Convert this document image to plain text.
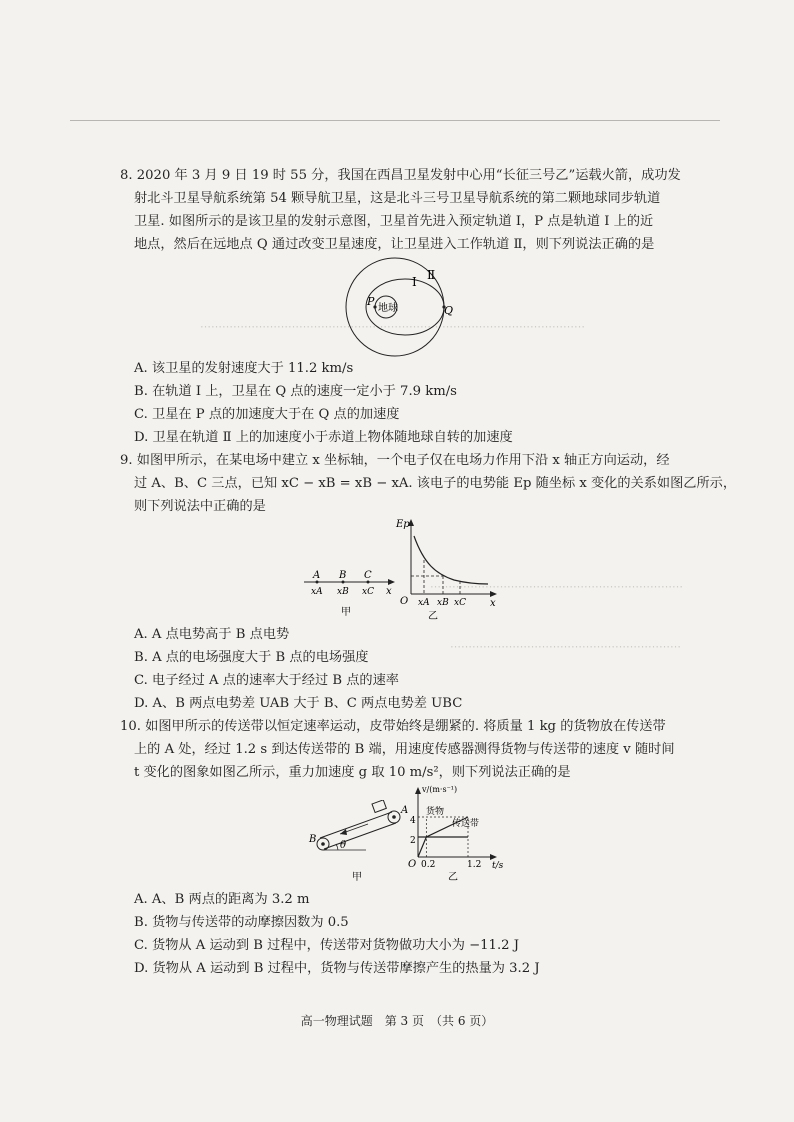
⋯⋯⋯⋯⋯⋯⋯⋯⋯⋯⋯⋯⋯⋯⋯⋯⋯⋯⋯⋯⋯⋯⋯⋯⋯⋯⋯⋯⋯⋯⋯⋯⋯⋯⋯
⋯⋯⋯⋯⋯⋯⋯⋯⋯⋯⋯⋯⋯⋯⋯⋯⋯⋯⋯⋯⋯⋯⋯
⋯⋯⋯⋯⋯⋯⋯⋯⋯⋯⋯⋯⋯⋯⋯⋯⋯⋯⋯⋯⋯
8. 2020 年 3 月 9 日 19 时 55 分，我国在西昌卫星发射中心用“长征三号乙”运载火箭，成功发
射北斗卫星导航系统第 54 颗导航卫星，这是北斗三号卫星导航系统的第二颗地球同步轨道
卫星. 如图所示的是该卫星的发射示意图，卫星首先进入预定轨道 Ⅰ，P 点是轨道 Ⅰ 上的近
地点，然后在远地点 Q 通过改变卫星速度，让卫星进入工作轨道 Ⅱ，则下列说法正确的是
Ⅰ Ⅱ
P
地球	Q
A. 该卫星的发射速度大于 11.2 km/s
B. 在轨道 Ⅰ 上，卫星在 Q 点的速度一定小于 7.9 km/s
C. 卫星在 P 点的加速度大于在 Q 点的加速度
D. 卫星在轨道 Ⅱ 上的加速度小于赤道上物体随地球自转的加速度
9. 如图甲所示，在某电场中建立 x 坐标轴，一个电子仅在电场力作用下沿 x 轴正方向运动，经
过 A、B、C 三点，已知 xC − xB = xB − xA. 该电子的电势能 Ep 随坐标 x 变化的关系如图乙所示，
则下列说法中正确的是
A B C
xA xB xC x
甲
Ep
O xA xB xC x
乙
A. A 点电势高于 B 点电势
B. A 点的电场强度大于 B 点的电场强度
C. 电子经过 A 点的速率大于经过 B 点的速率
D. A、B 两点电势差 UAB 大于 B、C 两点电势差 UBC
10. 如图甲所示的传送带以恒定速率运动，皮带始终是绷紧的. 将质量 1 kg 的货物放在传送带
上的 A 处，经过 1.2 s 到达传送带的 B 端，用速度传感器测得货物与传送带的速度 v 随时间
t 变化的图象如图乙所示，重力加速度 g 取 10 m/s²，则下列说法正确的是
θ
A
B
甲
v/(m·s⁻¹)
t/s
O
4
2
0.2	1.2
货物
传送带
乙
A. A、B 两点的距离为 3.2 m
B. 货物与传送带的动摩擦因数为 0.5
C. 货物从 A 运动到 B 过程中，传送带对货物做功大小为 −11.2 J
D. 货物从 A 运动到 B 过程中，货物与传送带摩擦产生的热量为 3.2 J
高一物理试题　第 3 页　（共 6 页）
